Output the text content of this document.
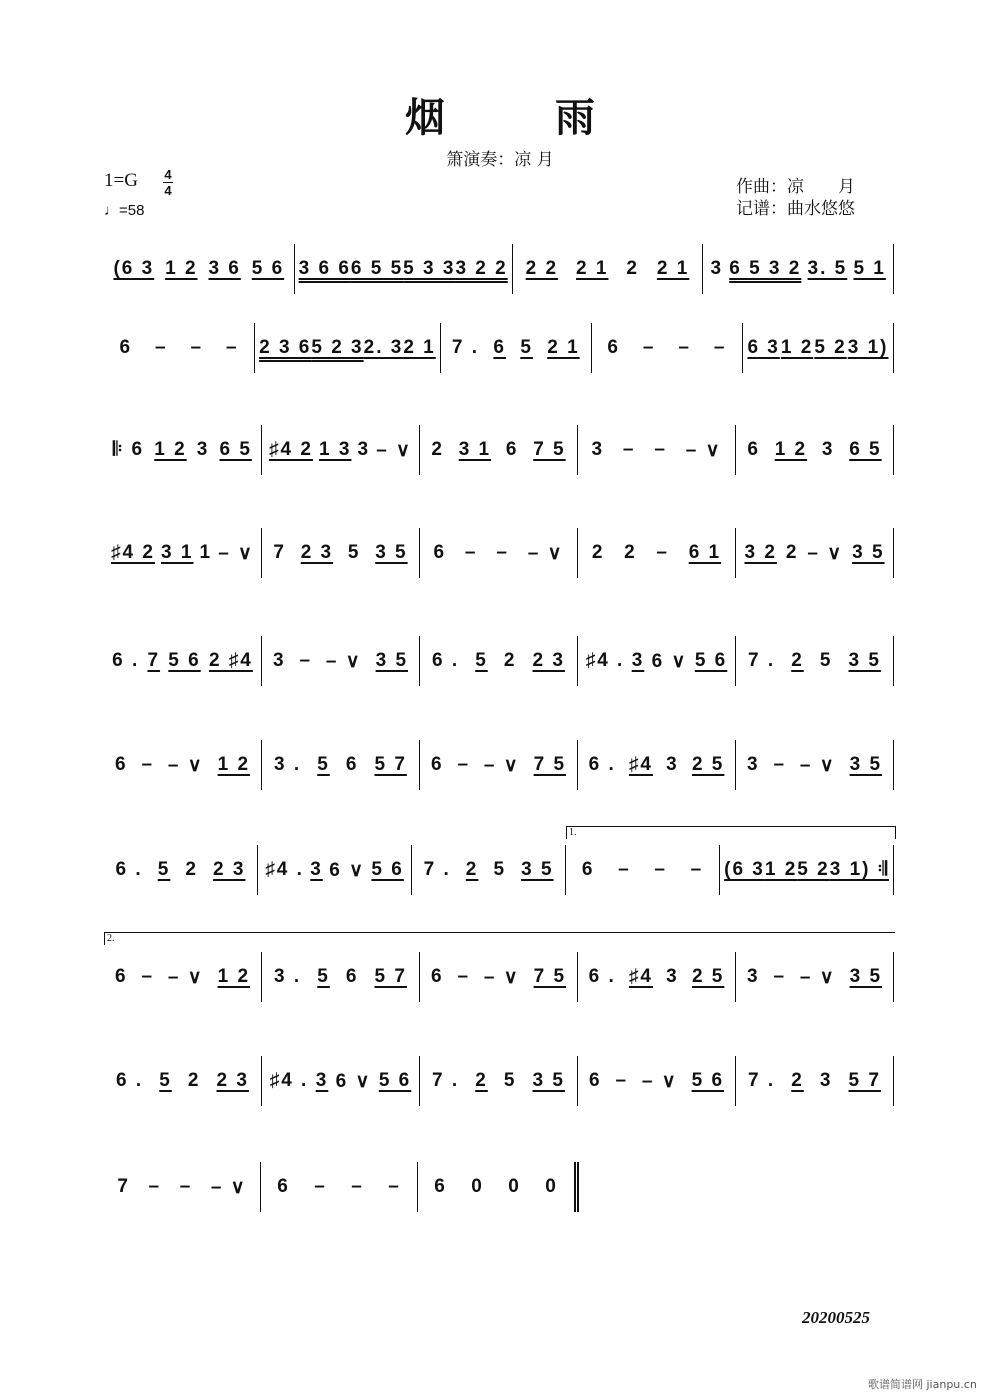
烟 雨
箫演奏：凉 月
1=G 4
4
♩=58
作曲：凉　　月
记谱：曲水悠悠
1.
2.
(6 3 1 2 3 6 5 6 3 6 6 6 5 5 5 3 3 3 2 2 2 2 2 1 2 2 1 3 6 5 3 2 3. 5 5 1
6 – – – 2 3 6 5 2 3 2. 3 2 1 7 . 6 5 2 1 6 – – – 6 3 1 2 5 2 3 1)
𝄆 6 1 2 3 6 5 ♯4 2 1 3 3 – ∨ 2 3 1 6 7 5 3 – – – ∨ 6 1 2 3 6 5
♯4 2 3 1 1 – ∨ 7 2 3 5 3 5 6 – – – ∨ 2 2 – 6 1 3 2 2 – ∨ 3 5
6 . 7 5 6 2 ♯4 3 – – ∨ 3 5 6 . 5 2 2 3 ♯4 . 3 6 ∨ 5 6 7 . 2 5 3 5
6 – – ∨ 1 2 3 . 5 6 5 7 6 – – ∨ 7 5 6 . ♯4 3 2 5 3 – – ∨ 3 5
6 . 5 2 2 3 ♯4 . 3 6 ∨ 5 6 7 . 2 5 3 5 6 – – – (6 3 1 2 5 2 3 1) 𝄇
6 – – ∨ 1 2 3 . 5 6 5 7 6 – – ∨ 7 5 6 . ♯4 3 2 5 3 – – ∨ 3 5
6 . 5 2 2 3 ♯4 . 3 6 ∨ 5 6 7 . 2 5 3 5 6 – – ∨ 5 6 7 . 2 3 5 7
7 – – – ∨ 6 – – – 6 0 0 0
20200525
歌谱简谱网 jianpu.cn
